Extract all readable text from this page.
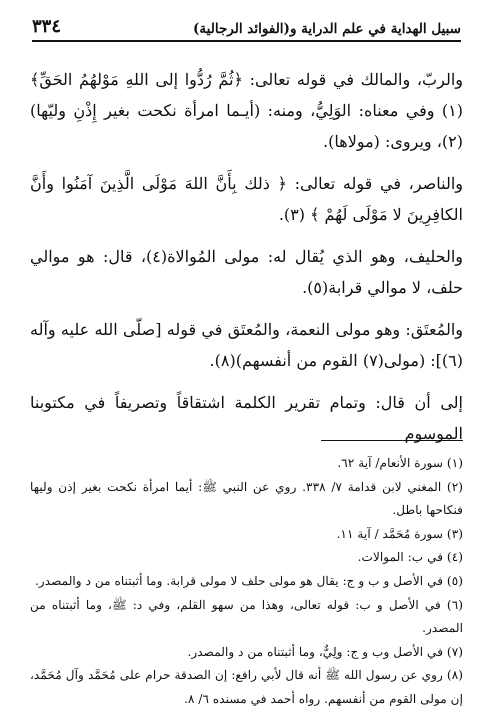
سبيل الهداية في علم الدراية و(الفوائد الرجالية)
٣٣٤

والربّ، والمالك في قوله تعالى: ﴿ثُمَّ رُدُّوا إلى اللهِ مَوْلهُمُ الحَقِّ﴾ (١) وفي معناه: الوَلِيُّ، ومنه: (أيـما امرأة نكحت بغير إِذْنِ وليّها)(٢)، ويروى: (مولاها).

والناصر، في قوله تعالى: ﴿ ذلك بِأَنَّ اللهَ مَوْلَى الَّذِينَ آمَنُوا وأَنَّ الكافِرِينَ لا مَوْلَى لَهُمْ ﴾ (٣).

والحليف، وهو الذي يُقال له: مولى المُوالاة(٤)، قال: هو موالي حلف، لا موالي قرابة(٥).

والمُعتَق: وهو مولى النعمة، والمُعتَق في قوله [صلّى الله عليه وآله (٦)]: (مولى(٧) القوم من أنفسهم)(٨).

إلى أن قال: وتمام تقرير الكلمة اشتقاقاً وتصريفاً في مكتوبنا الموسوم

(١) سورة الأنعام/ آية ٦٢.

(٢) المغني لابن قدامة ٧/ ٣٣٨. روي عن النبي ﷺ: أيما امرأة نكحت بغير إذن وليها فنكاحها باطل.

(٣) سورة مُحَمَّد / آية ١١.

(٤) في ب: الموالات.

(٥) في الأصل و ب و ج: يقال هو مولى حلف لا مولى قرابة. وما أثبتناه من د والمصدر.

(٦) في الأصل و ب: قوله تعالى، وهذا من سهو القلم، وفي د: ﷺ، وما أثبتناه من المصدر.

(٧) في الأصل وب و ج: ولِيٌّ، وما أثبتناه من د والمصدر.

(٨) روي عن رسول الله ﷺ أنه قال لأبي رافع: إن الصدقة حرام على مُحَمَّد وآل مُحَمَّد، إن مولى القوم من أنفسهم. رواه أحمد في مسنده ٦/ ٨.
